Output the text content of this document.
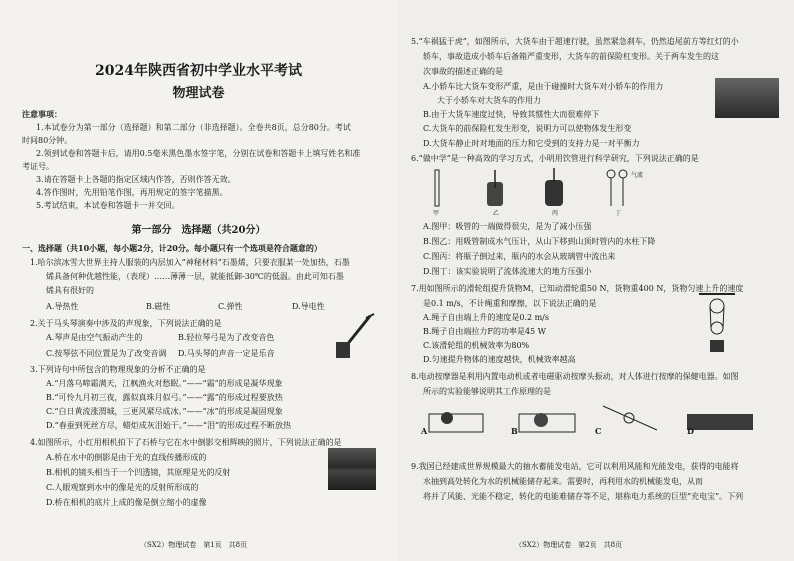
2024年陕西省初中学业水平考试
物理试卷
注意事项：
1.本试卷分为第一部分（选择题）和第二部分（非选择题）。全卷共8页，总分80分。考试
时间80分钟。
2.领到试卷和答题卡后，请用0.5毫米黑色墨水签字笔，分别在试卷和答题卡上填写姓名和准
考证号。
3.请在答题卡上各题的指定区域内作答，否则作答无效。
4.答作图时，先用铅笔作图，再用规定的签字笔描黑。
5.考试结束，本试卷和答题卡一并交回。
第一部分　选择题（共20分）
一、选择题（共10小题，每小题2分，计20分。每小题只有一个选项是符合题意的）
1.哈尔滨冰雪大世界主持人服装的内层加入“神秘材料”石墨烯，只要衣服某一处加热，石墨
烯具备何种优越性能，（表现）……薄薄一层，就能抵御-30℃的低温。由此可知石墨
烯具有很好的
A.导热性	B.磁性	C.弹性	D.导电性
2.关于马头琴演奏中涉及的声现象，下列说法正确的是
A.琴声是由空气振动产生的	B.轻拉琴弓是为了改变音色
C.按琴弦不同位置是为了改变音调 D.马头琴的声音一定是乐音
3.下列诗句中所包含的物理现象的分析不正确的是
A.“月落乌啼霜满天，江枫渔火对愁眠。”——“霜”的形成是凝华现象
B.“可怜九月初三夜，露似真珠月似弓。”——“露”的形成过程要放热
C.“白日黄流涨渭城，三更风紧尽成冰。”——“冰”的形成是凝固现象
D.“春蚕到死丝方尽，蜡炬成灰泪始干。”——“泪”的形成过程不断放热
4.如图所示，小红用相机拍下了石桥与它在水中倒影交相辉映的照片，下列说法正确的是
A.桥在水中的倒影是由于光的直线传播形成的
B.相机的镜头相当于一个凹透镜，其原理是光的反射
C.人眼观察到水中的像是光的反射所形成的
D.桥在相机的底片上成的像是倒立缩小的虚像
（SX2）物理试卷　第1页　共8页
5.“车祸猛于虎”，如图所示，大货车由于超速行驶，虽然紧急刹车，仍然追尾前方等红灯的小
轿车，事故造成小轿车后备箱严重变形，大货车的前保险杠变形。关于两车发生的这
次事故的描述正确的是
A.小轿车比大货车变形严重，是由于碰撞时大货车对小轿车的作用力
大于小轿车对大货车的作用力
B.由于大货车速度过快，导致其惯性大而很难停下
C.大货车的前保险杠发生形变，说明力可以使物体发生形变
D.大货车静止时对地面的压力和它受到的支持力是一对平衡力
6.“做中学”是一种高效的学习方式，小明用饮管进行科学研究，下列说法正确的是
甲	乙	丙	丁
气流
A.图甲：吸管的一端做得很尖，是为了减小压强
B.图乙：用吸管制成水气压计，从山下移到山顶时管内的水柱下降
C.图丙：将瓶子倒过来，瓶内的水会从玻璃管中流出来
D.图丁：该实验说明了流体流速大的地方压强小
7.用如图所示的滑轮组提升货物M，已知动滑轮重50 N，货物重400 N，货物匀速上升的速度
是0.1 m/s，不计绳重和摩擦，以下说法正确的是
A.绳子自由端上升的速度是0.2 m/s
B.绳子自由端拉力F的功率是45 W
C.该滑轮组的机械效率为80%
D.匀速提升物体的速度越快，机械效率越高
8.电动按摩器是利用内置电动机或者电磁驱动按摩头振动，对人体进行按摩的保健电器。如图
所示的实验能够说明其工作原理的是
A	B	C	D
9.我国已经建成世界规模最大的抽水蓄能发电站，它可以利用风能和光能发电，获得的电能将
水抽到高处转化为水的机械能储存起来。需要时，再利用水的机械能发电，从而
将并了风能、光能不稳定，转化的电能难储存等不足，堪称电力系统的巨型“充电宝”。下列
（SX2）物理试卷　第2页　共8页
